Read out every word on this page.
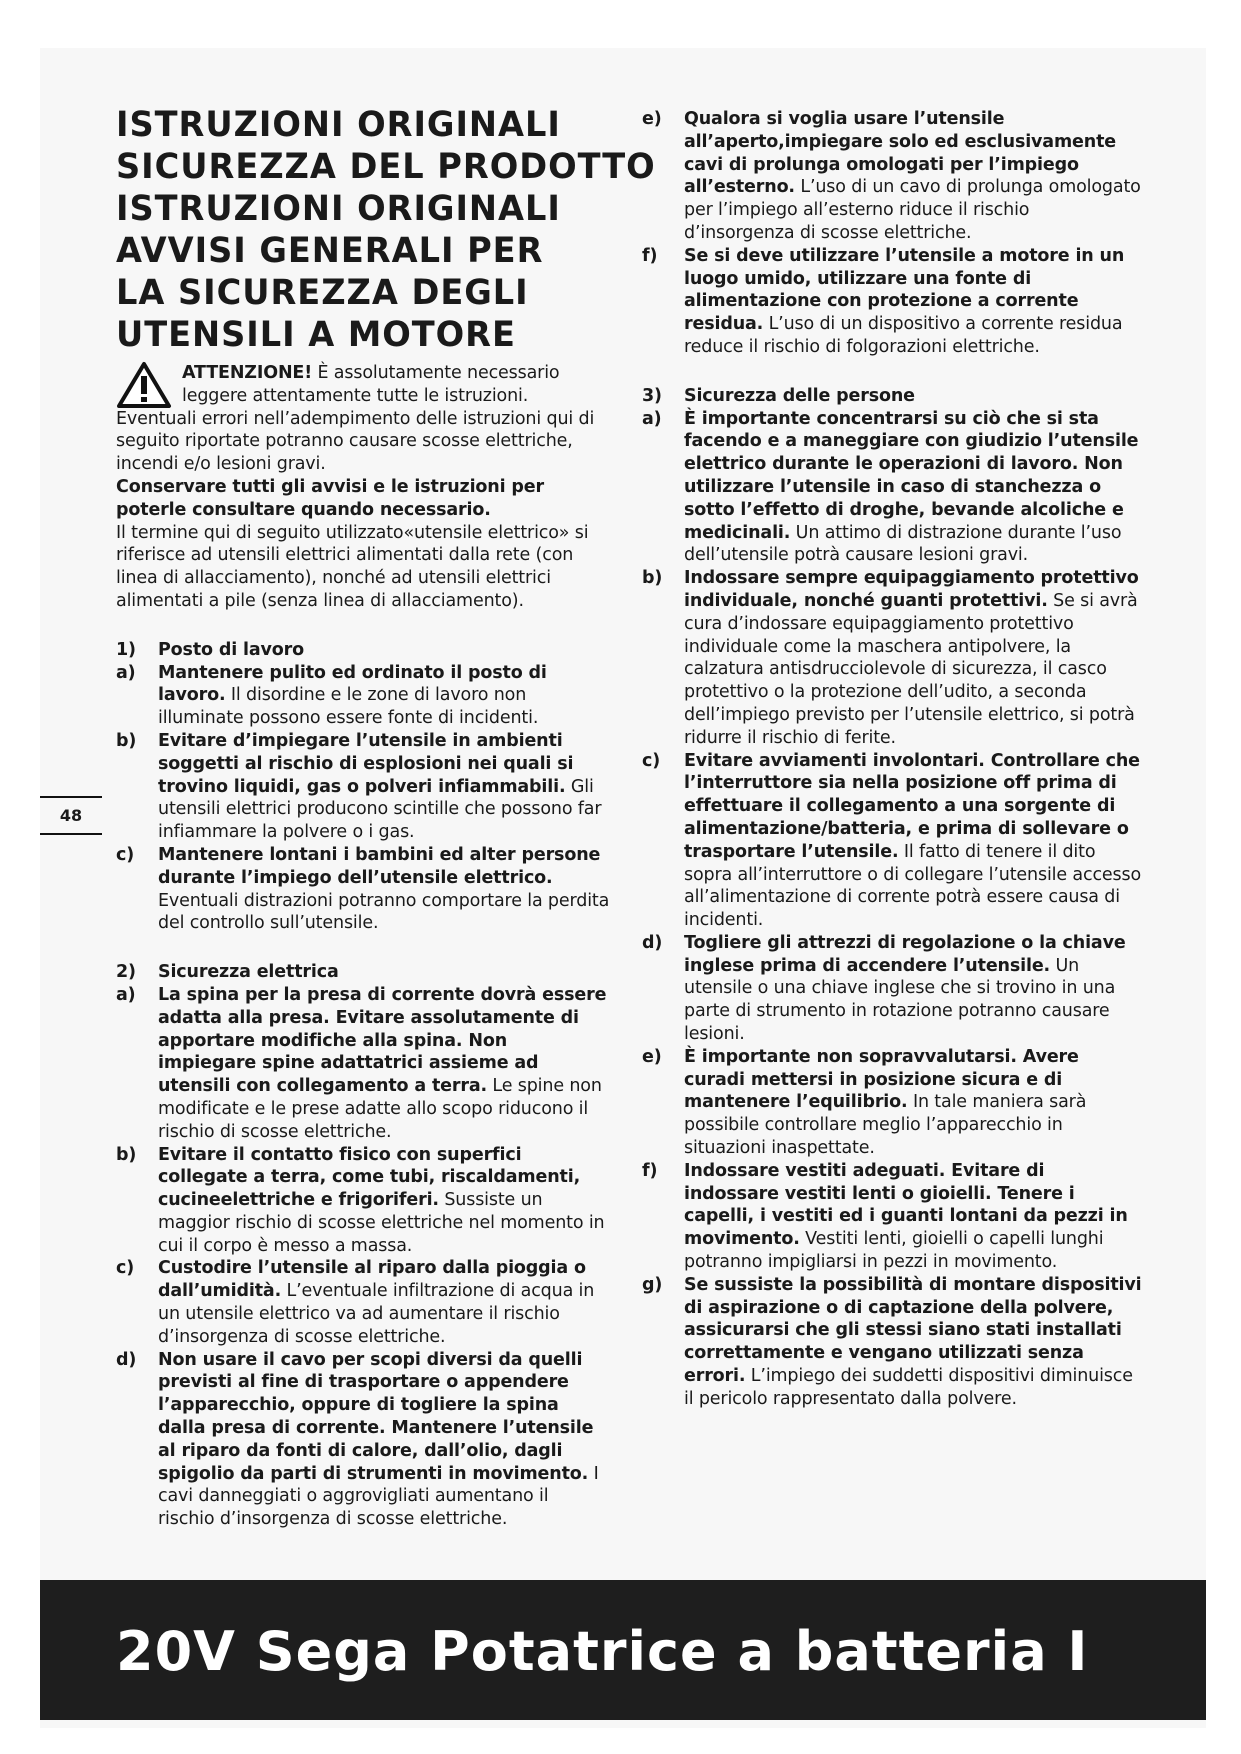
48
ISTRUZIONI ORIGINALI
SICUREZZA DEL PRODOTTO
ISTRUZIONI ORIGINALI
AVVISI GENERALI PER
LA SICUREZZA DEGLI
UTENSILI A MOTORE
ATTENZIONE! È assolutamente necessario
leggere attentamente tutte le istruzioni.
Eventuali errori nell’adempimento delle istruzioni qui di seguito riportate potranno causare scosse elettriche, incendi e/o lesioni gravi.
Conservare tutti gli avvisi e le istruzioni per poterle consultare quando necessario.
Il termine qui di seguito utilizzato«utensile elettrico» si riferisce ad utensili elettrici alimentati dalla rete (con linea di allacciamento), nonché ad utensili elettrici alimentati a pile (senza linea di allacciamento).
1)	Posto di lavoro
a)	Mantenere pulito ed ordinato il posto di lavoro. Il disordine e le zone di lavoro non illuminate possono essere fonte di incidenti.
b)	Evitare d’impiegare l’utensile in ambienti soggetti al rischio di esplosioni nei quali si trovino liquidi, gas o polveri infiammabili. Gli utensili elettrici producono scintille che possono far infiammare la polvere o i gas.
c)	Mantenere lontani i bambini ed alter persone durante l’impiego dell’utensile elettrico. Eventuali distrazioni potranno comportare la perdita del controllo sull’utensile.
2)	Sicurezza elettrica
a)	La spina per la presa di corrente dovrà essere adatta alla presa. Evitare assolutamente di apportare modifiche alla spina. Non impiegare spine adattatrici assieme ad utensili con collegamento a terra. Le spine non modificate e le prese adatte allo scopo riducono il rischio di scosse elettriche.
b)	Evitare il contatto fisico con superfici collegate a terra, come tubi, riscaldamenti, cucineelettriche e frigoriferi. Sussiste un maggior rischio di scosse elettriche nel momento in cui il corpo è messo a massa.
c)	Custodire l’utensile al riparo dalla pioggia o dall’umidità. L’eventuale infiltrazione di acqua in un utensile elettrico va ad aumentare il rischio d’insorgenza di scosse elettriche.
d)	Non usare il cavo per scopi diversi da quelli previsti al fine di trasportare o appendere l’apparecchio, oppure di togliere la spina dalla presa di corrente. Mantenere l’utensile al riparo da fonti di calore, dall’olio, dagli spigolio da parti di strumenti in movimento. I cavi danneggiati o aggrovigliati aumentano il rischio d’insorgenza di scosse elettriche.
e)	Qualora si voglia usare l’utensile all’aperto,impiegare solo ed esclusivamente cavi di prolunga omologati per l’impiego all’esterno. L’uso di un cavo di prolunga omologato per l’impiego all’esterno riduce il rischio d’insorgenza di scosse elettriche.
f)	Se si deve utilizzare l’utensile a motore in un luogo umido, utilizzare una fonte di alimentazione con protezione a corrente residua. L’uso di un dispositivo a corrente residua reduce il rischio di folgorazioni elettriche.
3)	Sicurezza delle persone
a)	È importante concentrarsi su ciò che si sta facendo e a maneggiare con giudizio l’utensile elettrico durante le operazioni di lavoro. Non utilizzare l’utensile in caso di stanchezza o sotto l’effetto di droghe, bevande alcoliche e medicinali. Un attimo di distrazione durante l’uso dell’utensile potrà causare lesioni gravi.
b)	Indossare sempre equipaggiamento protettivo individuale, nonché guanti protettivi. Se si avrà cura d’indossare equipaggiamento protettivo individuale come la maschera antipolvere, la calzatura antisdrucciolevole di sicurezza, il casco protettivo o la protezione dell’udito, a seconda dell’impiego previsto per l’utensile elettrico, si potrà ridurre il rischio di ferite.
c)	Evitare avviamenti involontari. Controllare che l’interruttore sia nella posizione off prima di effettuare il collegamento a una sorgente di alimentazione/batteria, e prima di sollevare o trasportare l’utensile. Il fatto di tenere il dito sopra all’interruttore o di collegare l’utensile accesso all’alimentazione di corrente potrà essere causa di incidenti.
d)	Togliere gli attrezzi di regolazione o la chiave inglese prima di accendere l’utensile. Un utensile o una chiave inglese che si trovino in una parte di strumento in rotazione potranno causare lesioni.
e)	È importante non sopravvalutarsi. Avere curadi mettersi in posizione sicura e di mantenere l’equilibrio. In tale maniera sarà possibile controllare meglio l’apparecchio in situazioni inaspettate.
f)	Indossare vestiti adeguati. Evitare di indossare vestiti lenti o gioielli. Tenere i capelli, i vestiti ed i guanti lontani da pezzi in movimento. Vestiti lenti, gioielli o capelli lunghi potranno impigliarsi in pezzi in movimento.
g)	Se sussiste la possibilità di montare dispositivi di aspirazione o di captazione della polvere, assicurarsi che gli stessi siano stati installati correttamente e vengano utilizzati senza errori. L’impiego dei suddetti dispositivi diminuisce il pericolo rappresentato dalla polvere.
20V Sega Potatrice a batteria I
